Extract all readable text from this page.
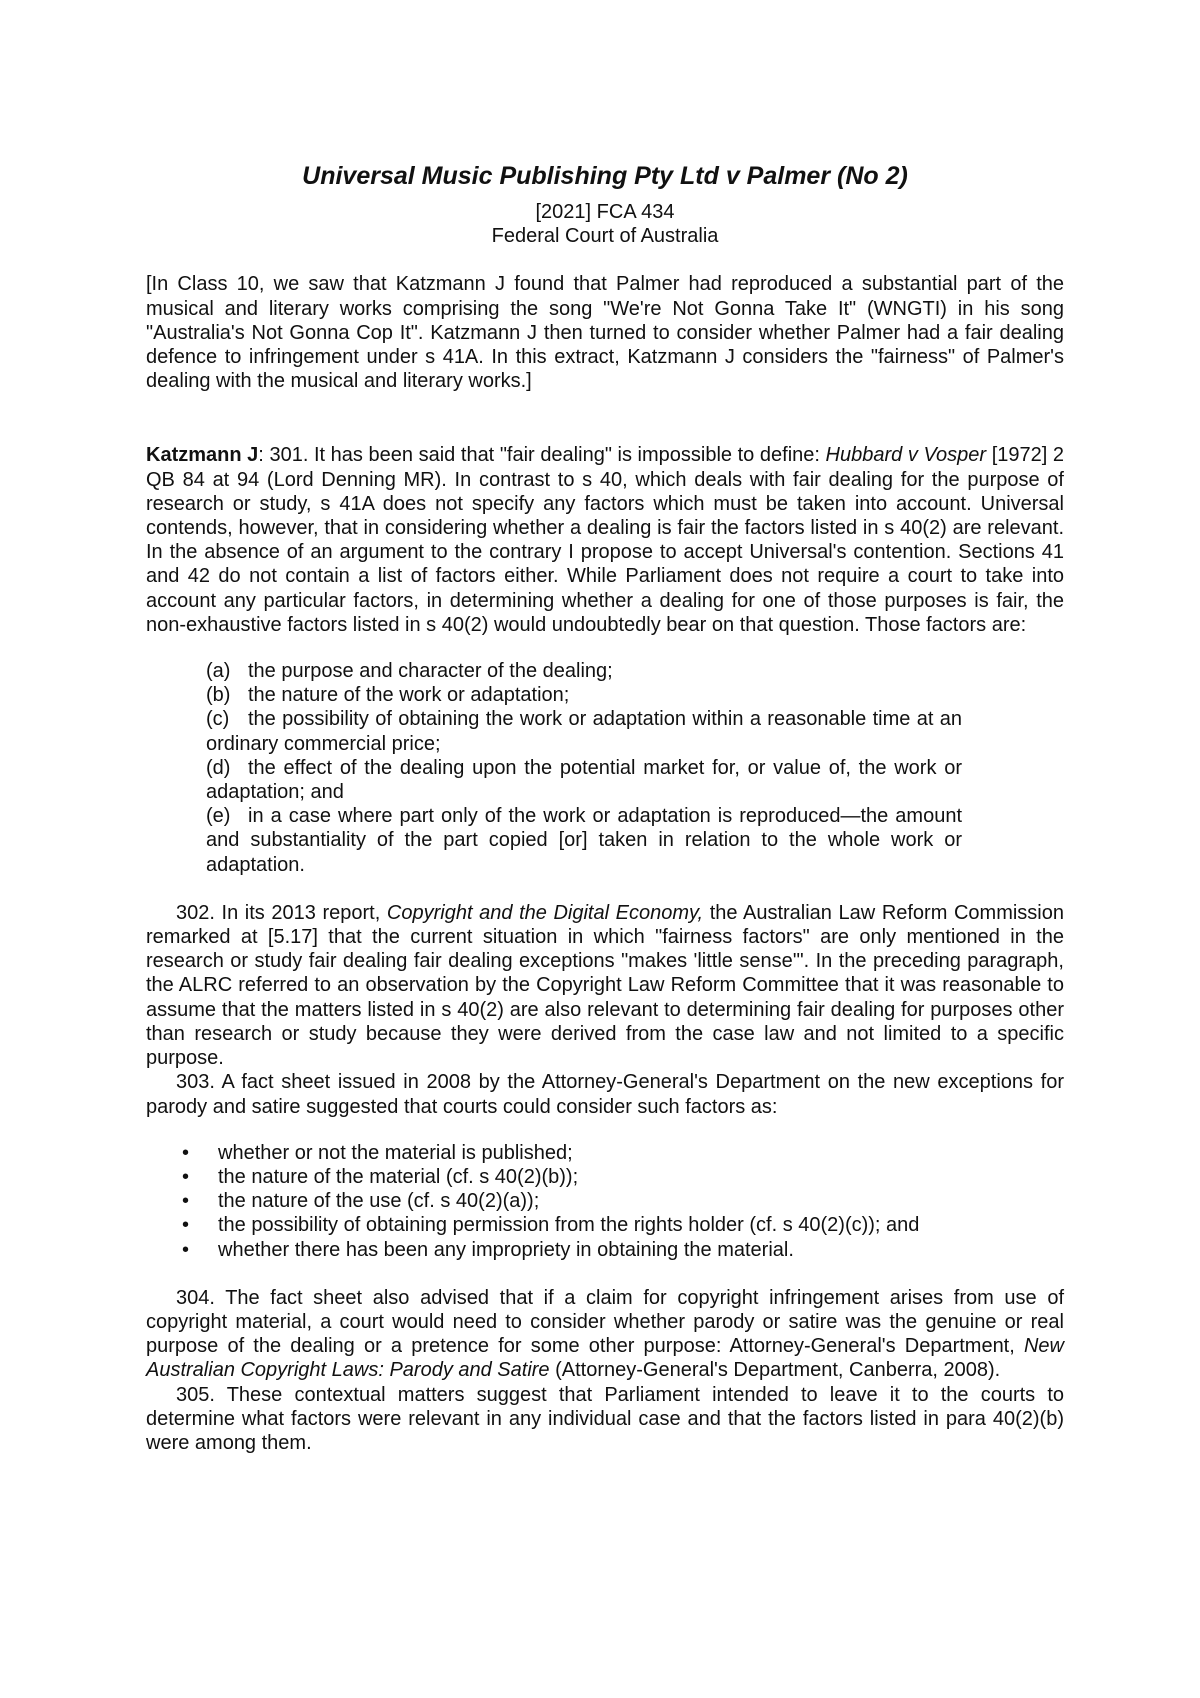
Universal Music Publishing Pty Ltd v Palmer (No 2)

[2021] FCA 434

Federal Court of Australia

[In Class 10, we saw that Katzmann J found that Palmer had reproduced a substantial part of the musical and literary works comprising the song "We're Not Gonna Take It" (WNGTI) in his song "Australia's Not Gonna Cop It". Katzmann J then turned to consider whether Palmer had a fair dealing defence to infringement under s 41A. In this extract, Katzmann J considers the "fairness" of Palmer's dealing with the musical and literary works.]

Katzmann J: 301. It has been said that "fair dealing" is impossible to define: Hubbard v Vosper [1972] 2 QB 84 at 94 (Lord Denning MR). In contrast to s 40, which deals with fair dealing for the purpose of research or study, s 41A does not specify any factors which must be taken into account. Universal contends, however, that in considering whether a dealing is fair the factors listed in s 40(2) are relevant. In the absence of an argument to the contrary I propose to accept Universal's contention. Sections 41 and 42 do not contain a list of factors either. While Parliament does not require a court to take into account any particular factors, in determining whether a dealing for one of those purposes is fair, the non-exhaustive factors listed in s 40(2) would undoubtedly bear on that question. Those factors are:

(a) the purpose and character of the dealing;

(b) the nature of the work or adaptation;

(c) the possibility of obtaining the work or adaptation within a reasonable time at an ordinary commercial price;

(d) the effect of the dealing upon the potential market for, or value of, the work or adaptation; and

(e) in a case where part only of the work or adaptation is reproduced—the amount and substantiality of the part copied [or] taken in relation to the whole work or adaptation.

302. In its 2013 report, Copyright and the Digital Economy, the Australian Law Reform Commission remarked at [5.17] that the current situation in which "fairness factors" are only mentioned in the research or study fair dealing fair dealing exceptions "makes 'little sense'". In the preceding paragraph, the ALRC referred to an observation by the Copyright Law Reform Committee that it was reasonable to assume that the matters listed in s 40(2) are also relevant to determining fair dealing for purposes other than research or study because they were derived from the case law and not limited to a specific purpose.

303. A fact sheet issued in 2008 by the Attorney-General's Department on the new exceptions for parody and satire suggested that courts could consider such factors as:

• whether or not the material is published;
• the nature of the material (cf. s 40(2)(b));
• the nature of the use (cf. s 40(2)(a));
• the possibility of obtaining permission from the rights holder (cf. s 40(2)(c)); and
• whether there has been any impropriety in obtaining the material.

304. The fact sheet also advised that if a claim for copyright infringement arises from use of copyright material, a court would need to consider whether parody or satire was the genuine or real purpose of the dealing or a pretence for some other purpose: Attorney-General's Department, New Australian Copyright Laws: Parody and Satire (Attorney-General's Department, Canberra, 2008).

305. These contextual matters suggest that Parliament intended to leave it to the courts to determine what factors were relevant in any individual case and that the factors listed in para 40(2)(b) were among them.
